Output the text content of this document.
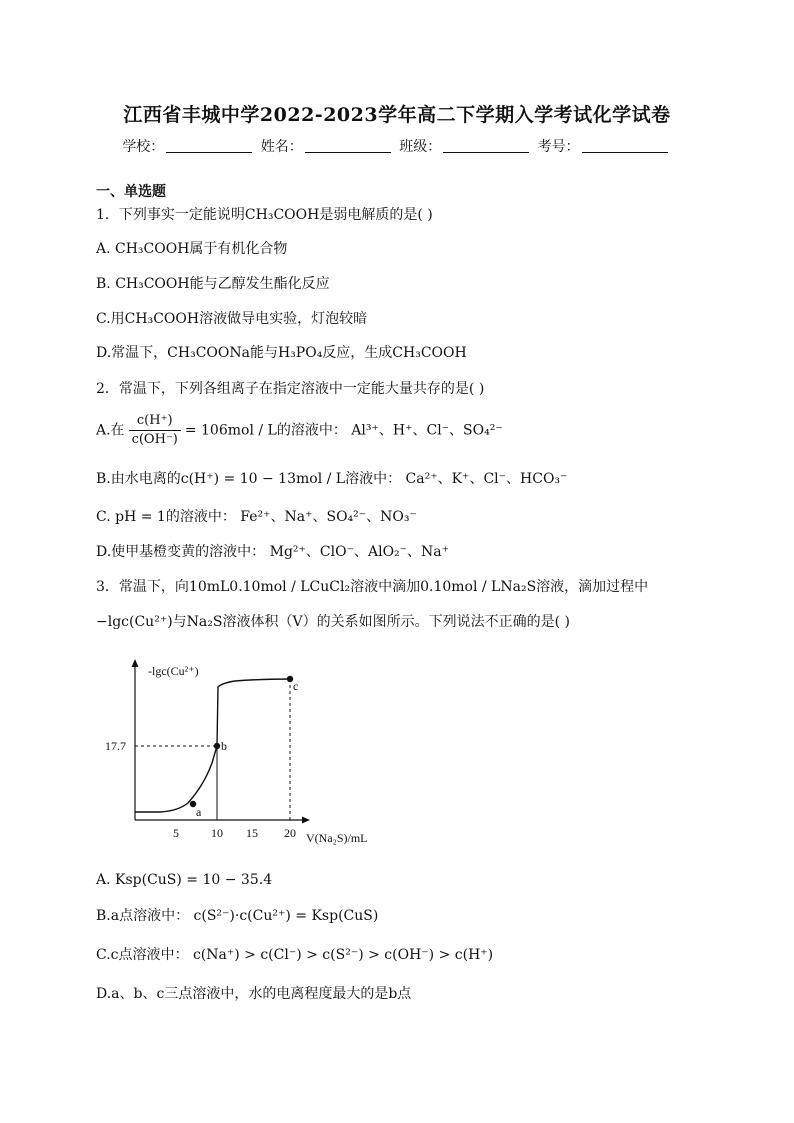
江西省丰城中学2022-2023学年高二下学期入学考试化学试卷
学校：	姓名：	班级：	考号：
一、单选题
1．下列事实一定能说明CH₃COOH是弱电解质的是( )
A. CH₃COOH属于有机化合物
B. CH₃COOH能与乙醇发生酯化反应
C.用CH₃COOH溶液做导电实验，灯泡较暗
D.常温下，CH₃COONa能与H₃PO₄反应，生成CH₃COOH
2．常温下，下列各组离子在指定溶液中一定能大量共存的是( )
A.在 $\frac{c(H^+)}{c(OH^-)} = 106mol / L$的溶液中： Al³⁺、H⁺、Cl⁻、SO₄²⁻
B.由水电离的c(H⁺) = 10 − 13mol / L溶液中： Ca²⁺、K⁺、Cl⁻、HCO₃⁻
C. pH = 1的溶液中： Fe²⁺、Na⁺、SO₄²⁻、NO₃⁻
D.使甲基橙变黄的溶液中： Mg²⁺、ClO⁻、AlO₂⁻、Na⁺
3．常温下，向10mL0.10mol / LCuCl₂溶液中滴加0.10mol / LNa₂S溶液，滴加过程中
−lgc(Cu²⁺)与Na₂S溶液体积（V）的关系如图所示。下列说法不正确的是( )
-lgc(Cu²⁺)
V(Na₂S)/mL
5	10 15 20
17.7
a
b
c
A. Ksp(CuS) = 10 − 35.4
B.a点溶液中： c(S²⁻)·c(Cu²⁺) = Ksp(CuS)
C.c点溶液中： c(Na⁺) > c(Cl⁻) > c(S²⁻) > c(OH⁻) > c(H⁺)
D.a、b、c三点溶液中，水的电离程度最大的是b点
